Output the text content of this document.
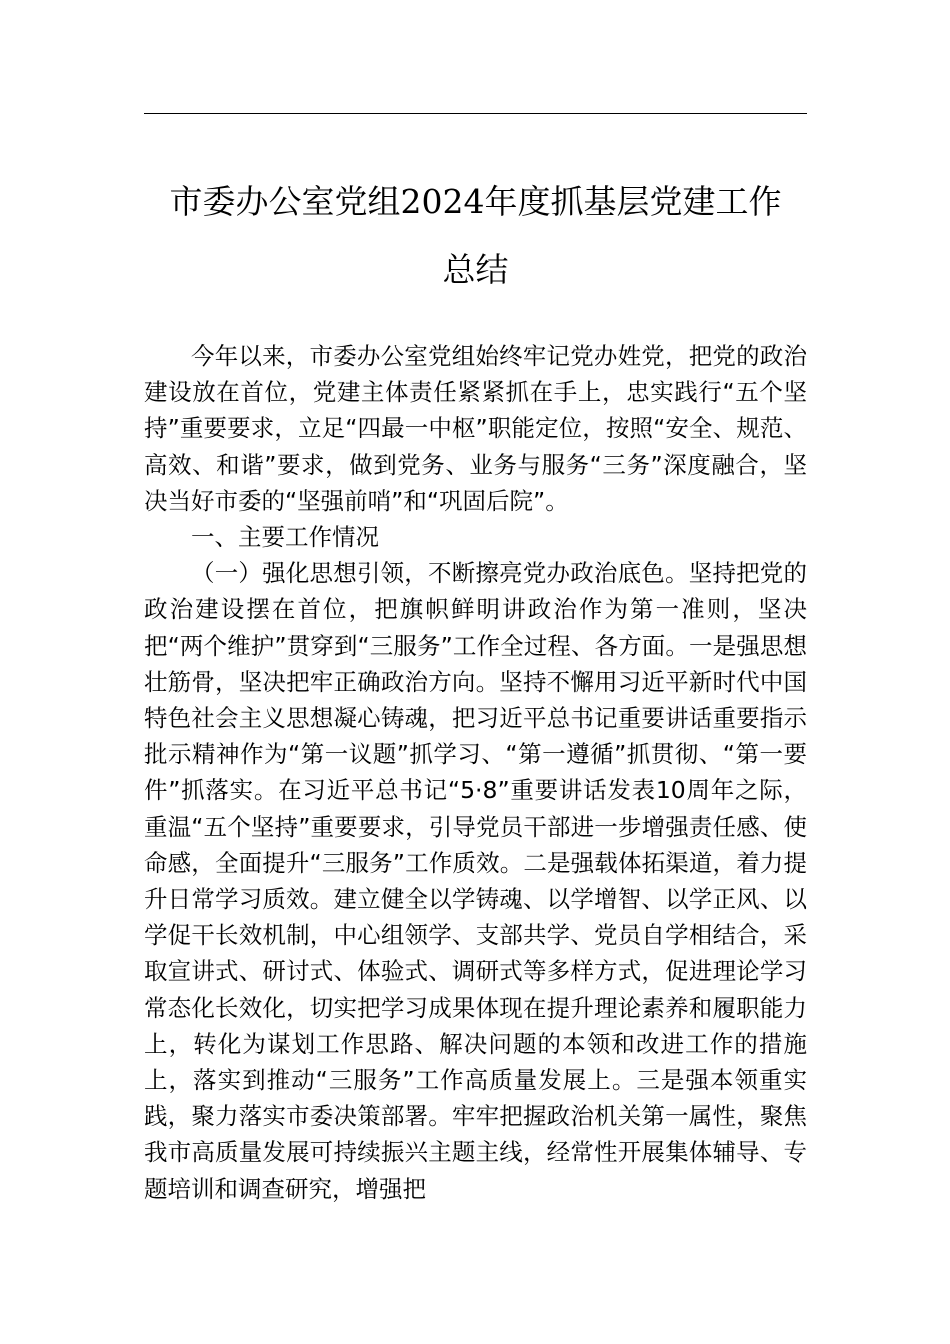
市委办公室党组2024年度抓基层党建工作
总结

今年以来，市委办公室党组始终牢记党办姓党，把党的政治建设放在首位，党建主体责任紧紧抓在手上，忠实践行“五个坚持”重要要求，立足“四最一中枢”职能定位，按照“安全、规范、高效、和谐”要求，做到党务、业务与服务“三务”深度融合，坚决当好市委的“坚强前哨”和“巩固后院”。

一、主要工作情况

（一）强化思想引领，不断擦亮党办政治底色。坚持把党的政治建设摆在首位，把旗帜鲜明讲政治作为第一准则，坚决把“两个维护”贯穿到“三服务”工作全过程、各方面。一是强思想壮筋骨，坚决把牢正确政治方向。坚持不懈用习近平新时代中国特色社会主义思想凝心铸魂，把习近平总书记重要讲话重要指示批示精神作为“第一议题”抓学习、“第一遵循”抓贯彻、“第一要件”抓落实。在习近平总书记“5·8”重要讲话发表10周年之际，重温“五个坚持”重要要求，引导党员干部进一步增强责任感、使命感，全面提升“三服务”工作质效。二是强载体拓渠道，着力提升日常学习质效。建立健全以学铸魂、以学增智、以学正风、以学促干长效机制，中心组领学、支部共学、党员自学相结合，采取宣讲式、研讨式、体验式、调研式等多样方式，促进理论学习常态化长效化，切实把学习成果体现在提升理论素养和履职能力上，转化为谋划工作思路、解决问题的本领和改进工作的措施上，落实到推动“三服务”工作高质量发展上。三是强本领重实践，聚力落实市委决策部署。牢牢把握政治机关第一属性，聚焦我市高质量发展可持续振兴主题主线，经常性开展集体辅导、专题培训和调查研究，增强把
